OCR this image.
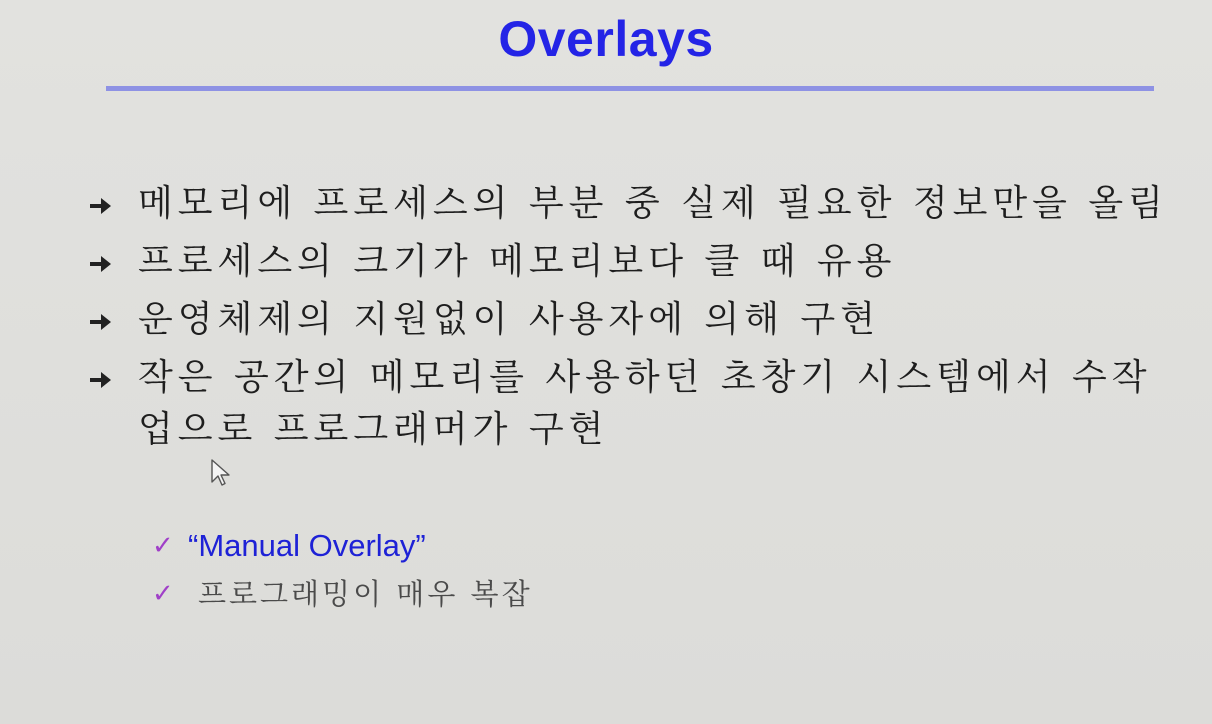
Overlays
메모리에 프로세스의 부분 중 실제 필요한 정보만을 올림
프로세스의 크기가 메모리보다 클 때 유용
운영체제의 지원없이 사용자에 의해 구현
작은 공간의 메모리를 사용하던 초창기 시스템에서 수작업으로 프로그래머가 구현
✓ “Manual Overlay”
✓ 프로그래밍이 매우 복잡
